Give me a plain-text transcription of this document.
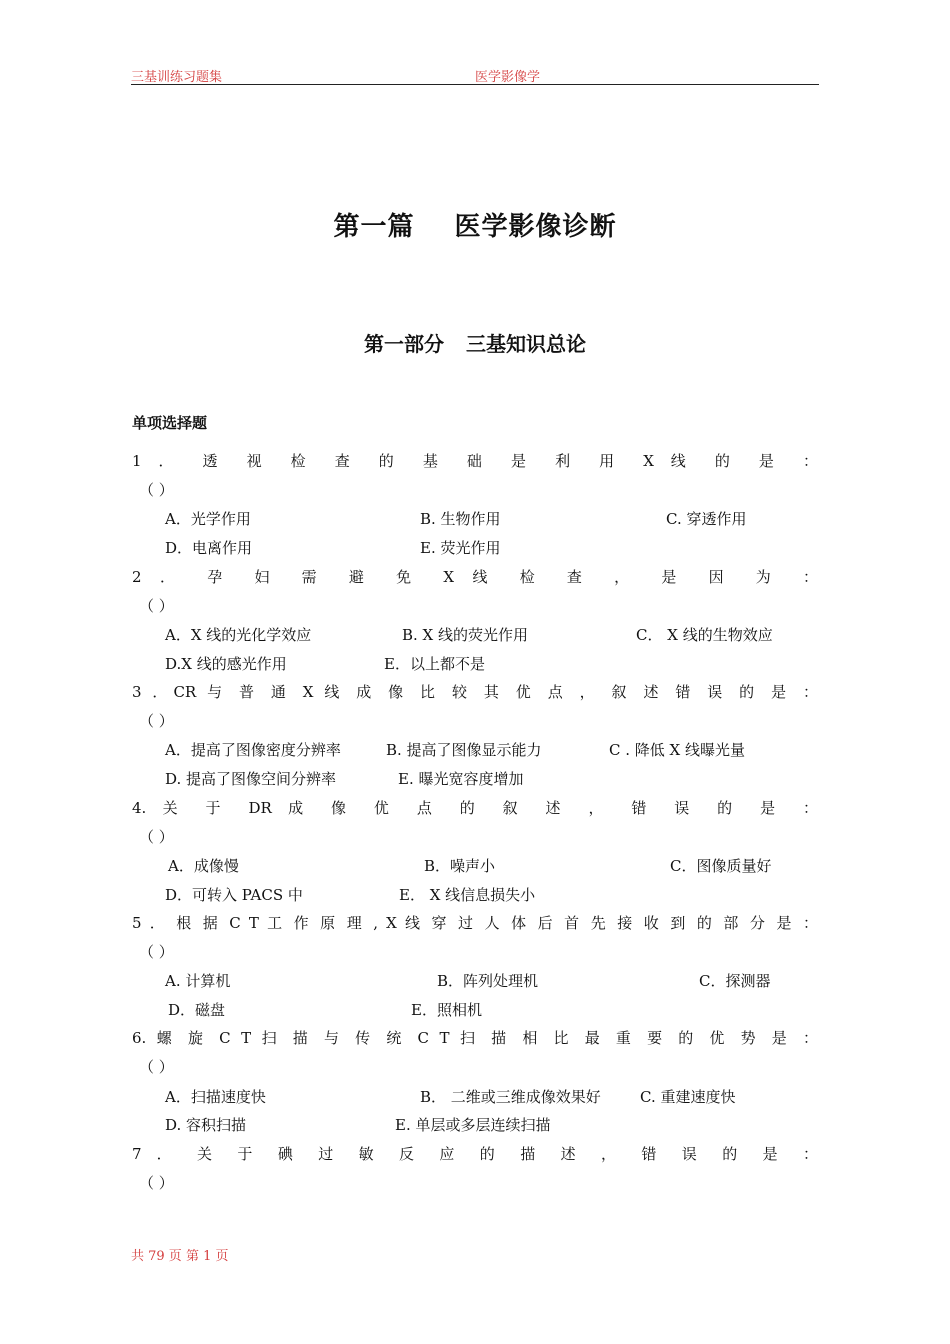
三基训练习题集	医学影像学
第一篇 医学影像诊断
第一部分 三基知识总论
单项选择题
1 ． 透 视 检 查 的 基 础 是 利 用 X 线 的 是 ：
（ ）
A．光学作用	B. 生物作用	C. 穿透作用
D．电离作用	E. 荧光作用
2 ． 孕 妇 需 避 免 X 线 检 查 ， 是 因 为 ：
（ ）
A．X 线的光化学效应	B. X 线的荧光作用	C． X 线的生物效应
D.X 线的感光作用	E．以上都不是
3 ．CR 与 普 通 X 线 成 像 比 较 其 优 点 ， 叙 述 错 误 的 是 ：
（ ）
A．提高了图像密度分辨率	B. 提高了图像显示能力	C . 降低 X 线曝光量
D. 提高了图像空间分辨率	E. 曝光宽容度增加
4. 关 于 DR 成 像 优 点 的 叙 述 ， 错 误 的 是 ：
（ ）
A．成像慢	B．噪声小	C．图像质量好
D．可转入 PACS 中	E． X 线信息损失小
5 ． 根 据 C T 工 作 原 理 , X 线 穿 过 人 体 后 首 先 接 收 到 的 部 分 是 ：
（ ）
A. 计算机	B．阵列处理机	C．探测器
D．磁盘	E．照相机
6. 螺 旋 C T 扫 描 与 传 统 C T 扫 描 相 比 最 重 要 的 优 势 是 ：
（ ）
A．扫描速度快	B． 二维或三维成像效果好	C. 重建速度快
D. 容积扫描	E. 单层或多层连续扫描
7 ． 关 于 碘 过 敏 反 应 的 描 述 ， 错 误 的 是 ：
（ ）
共 79 页 第 1 页
